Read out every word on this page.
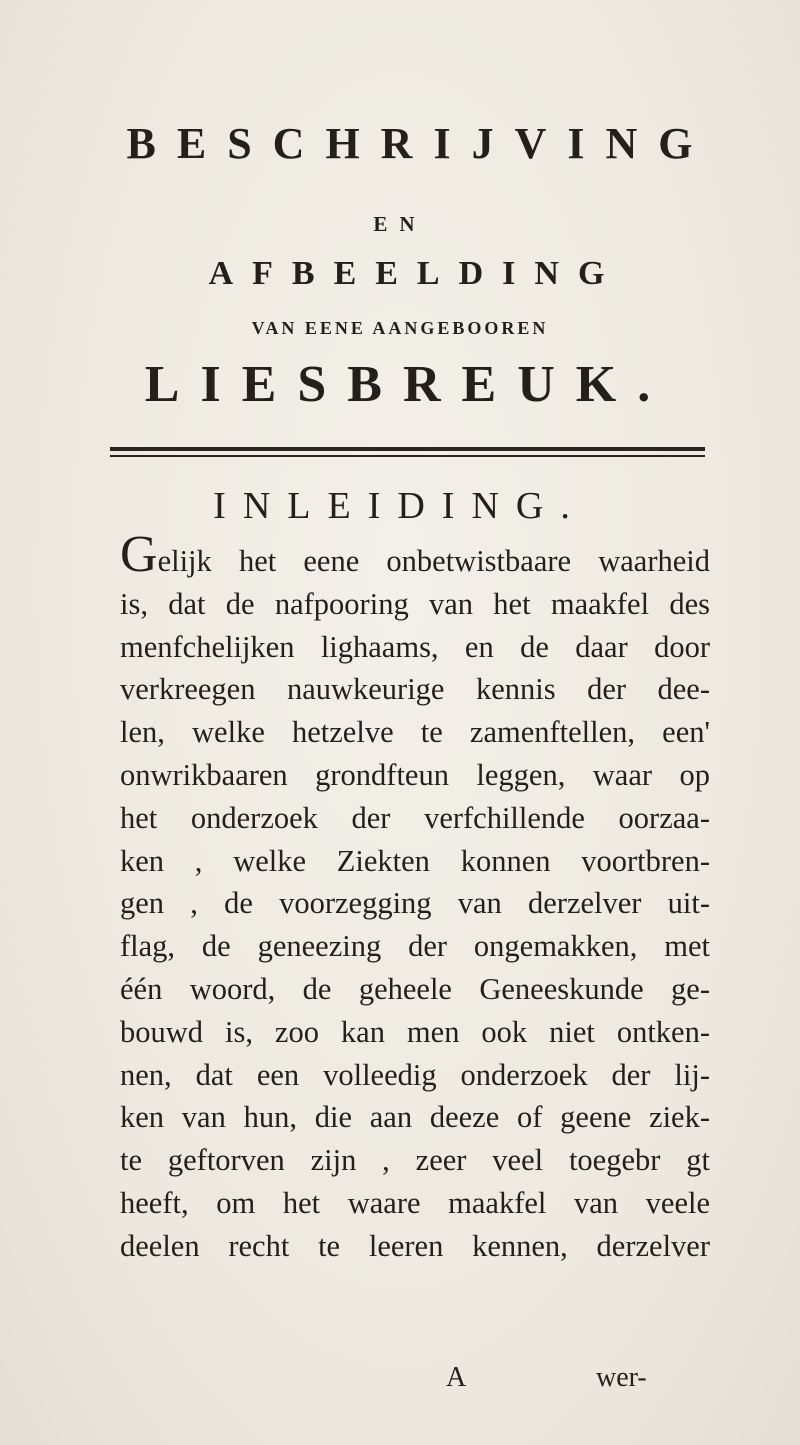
BESCHRIJVING
EN
AFBEELDING
VAN EENE AANGEBOOREN
LIESBREUK.
INLEIDING.
Gelijk het eene onbetwistbaare waarheid
is, dat de nafpooring van het maakfel des
menfchelijken lighaams, en de daar door
verkreegen nauwkeurige kennis der dee-
len, welke hetzelve te zamenftellen, een'
onwrikbaaren grondfteun leggen, waar op
het onderzoek der verfchillende oorzaa-
ken , welke Ziekten konnen voortbren-
gen , de voorzegging van derzelver uit-
flag, de geneezing der ongemakken, met
één woord, de geheele Geneeskunde ge-
bouwd is, zoo kan men ook niet ontken-
nen, dat een volleedig onderzoek der lij-
ken van hun, die aan deeze of geene ziek-
te geftorven zijn , zeer veel toegebr gt
heeft, om het waare maakfel van veele
deelen recht te leeren kennen, derzelver
A	wer-
